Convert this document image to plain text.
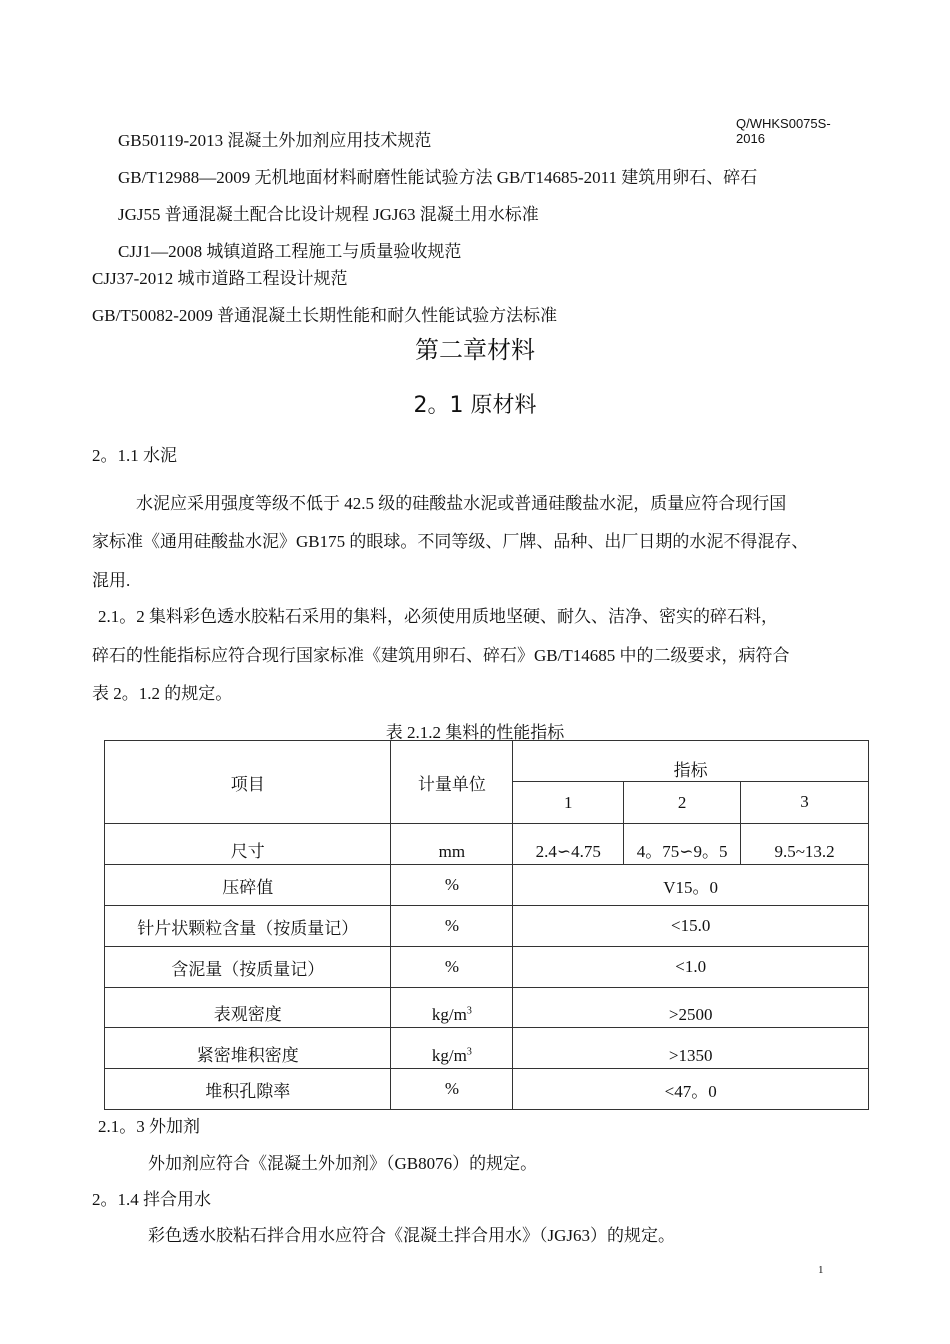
Q/WHKS0075S-2016
GB50119-2013 混凝土外加剂应用技术规范
GB/T12988—2009 无机地面材料耐磨性能试验方法 GB/T14685-2011 建筑用卵石、碎石
JGJ55 普通混凝土配合比设计规程 JGJ63 混凝土用水标准
CJJ1—2008 城镇道路工程施工与质量验收规范
CJJ37-2012 城市道路工程设计规范
GB/T50082-2009 普通混凝土长期性能和耐久性能试验方法标准
第二章材料
2。1 原材料
2。1.1 水泥
水泥应采用强度等级不低于 42.5 级的硅酸盐水泥或普通硅酸盐水泥，质量应符合现行国
家标准《通用硅酸盐水泥》GB175 的眼球。不同等级、厂牌、品种、出厂日期的水泥不得混存、
混用.
2.1。2 集料彩色透水胶粘石采用的集料，必须使用质地坚硬、耐久、洁净、密实的碎石料，
碎石的性能指标应符合现行国家标准《建筑用卵石、碎石》GB/T14685 中的二级要求，病符合
表 2。1.2 的规定。
表 2.1.2 集料的性能指标
项目	计量单位	指标		
		1	2	3
尺寸	mm	2.4∽4.75	4。75∽9。5	9.5~13.2
压碎值	%	V15。0		
针片状颗粒含量（按质量记）	%	<15.0		
含泥量（按质量记）	%	<1.0		
表观密度	$kg/m^3$	>2500		
紧密堆积密度	$kg/m^3$	>1350		
堆积孔隙率	%	<47。0		
2.1。3 外加剂
外加剂应符合《混凝土外加剂》（GB8076）的规定。
2。1.4 拌合用水
彩色透水胶粘石拌合用水应符合《混凝土拌合用水》（JGJ63）的规定。
1
